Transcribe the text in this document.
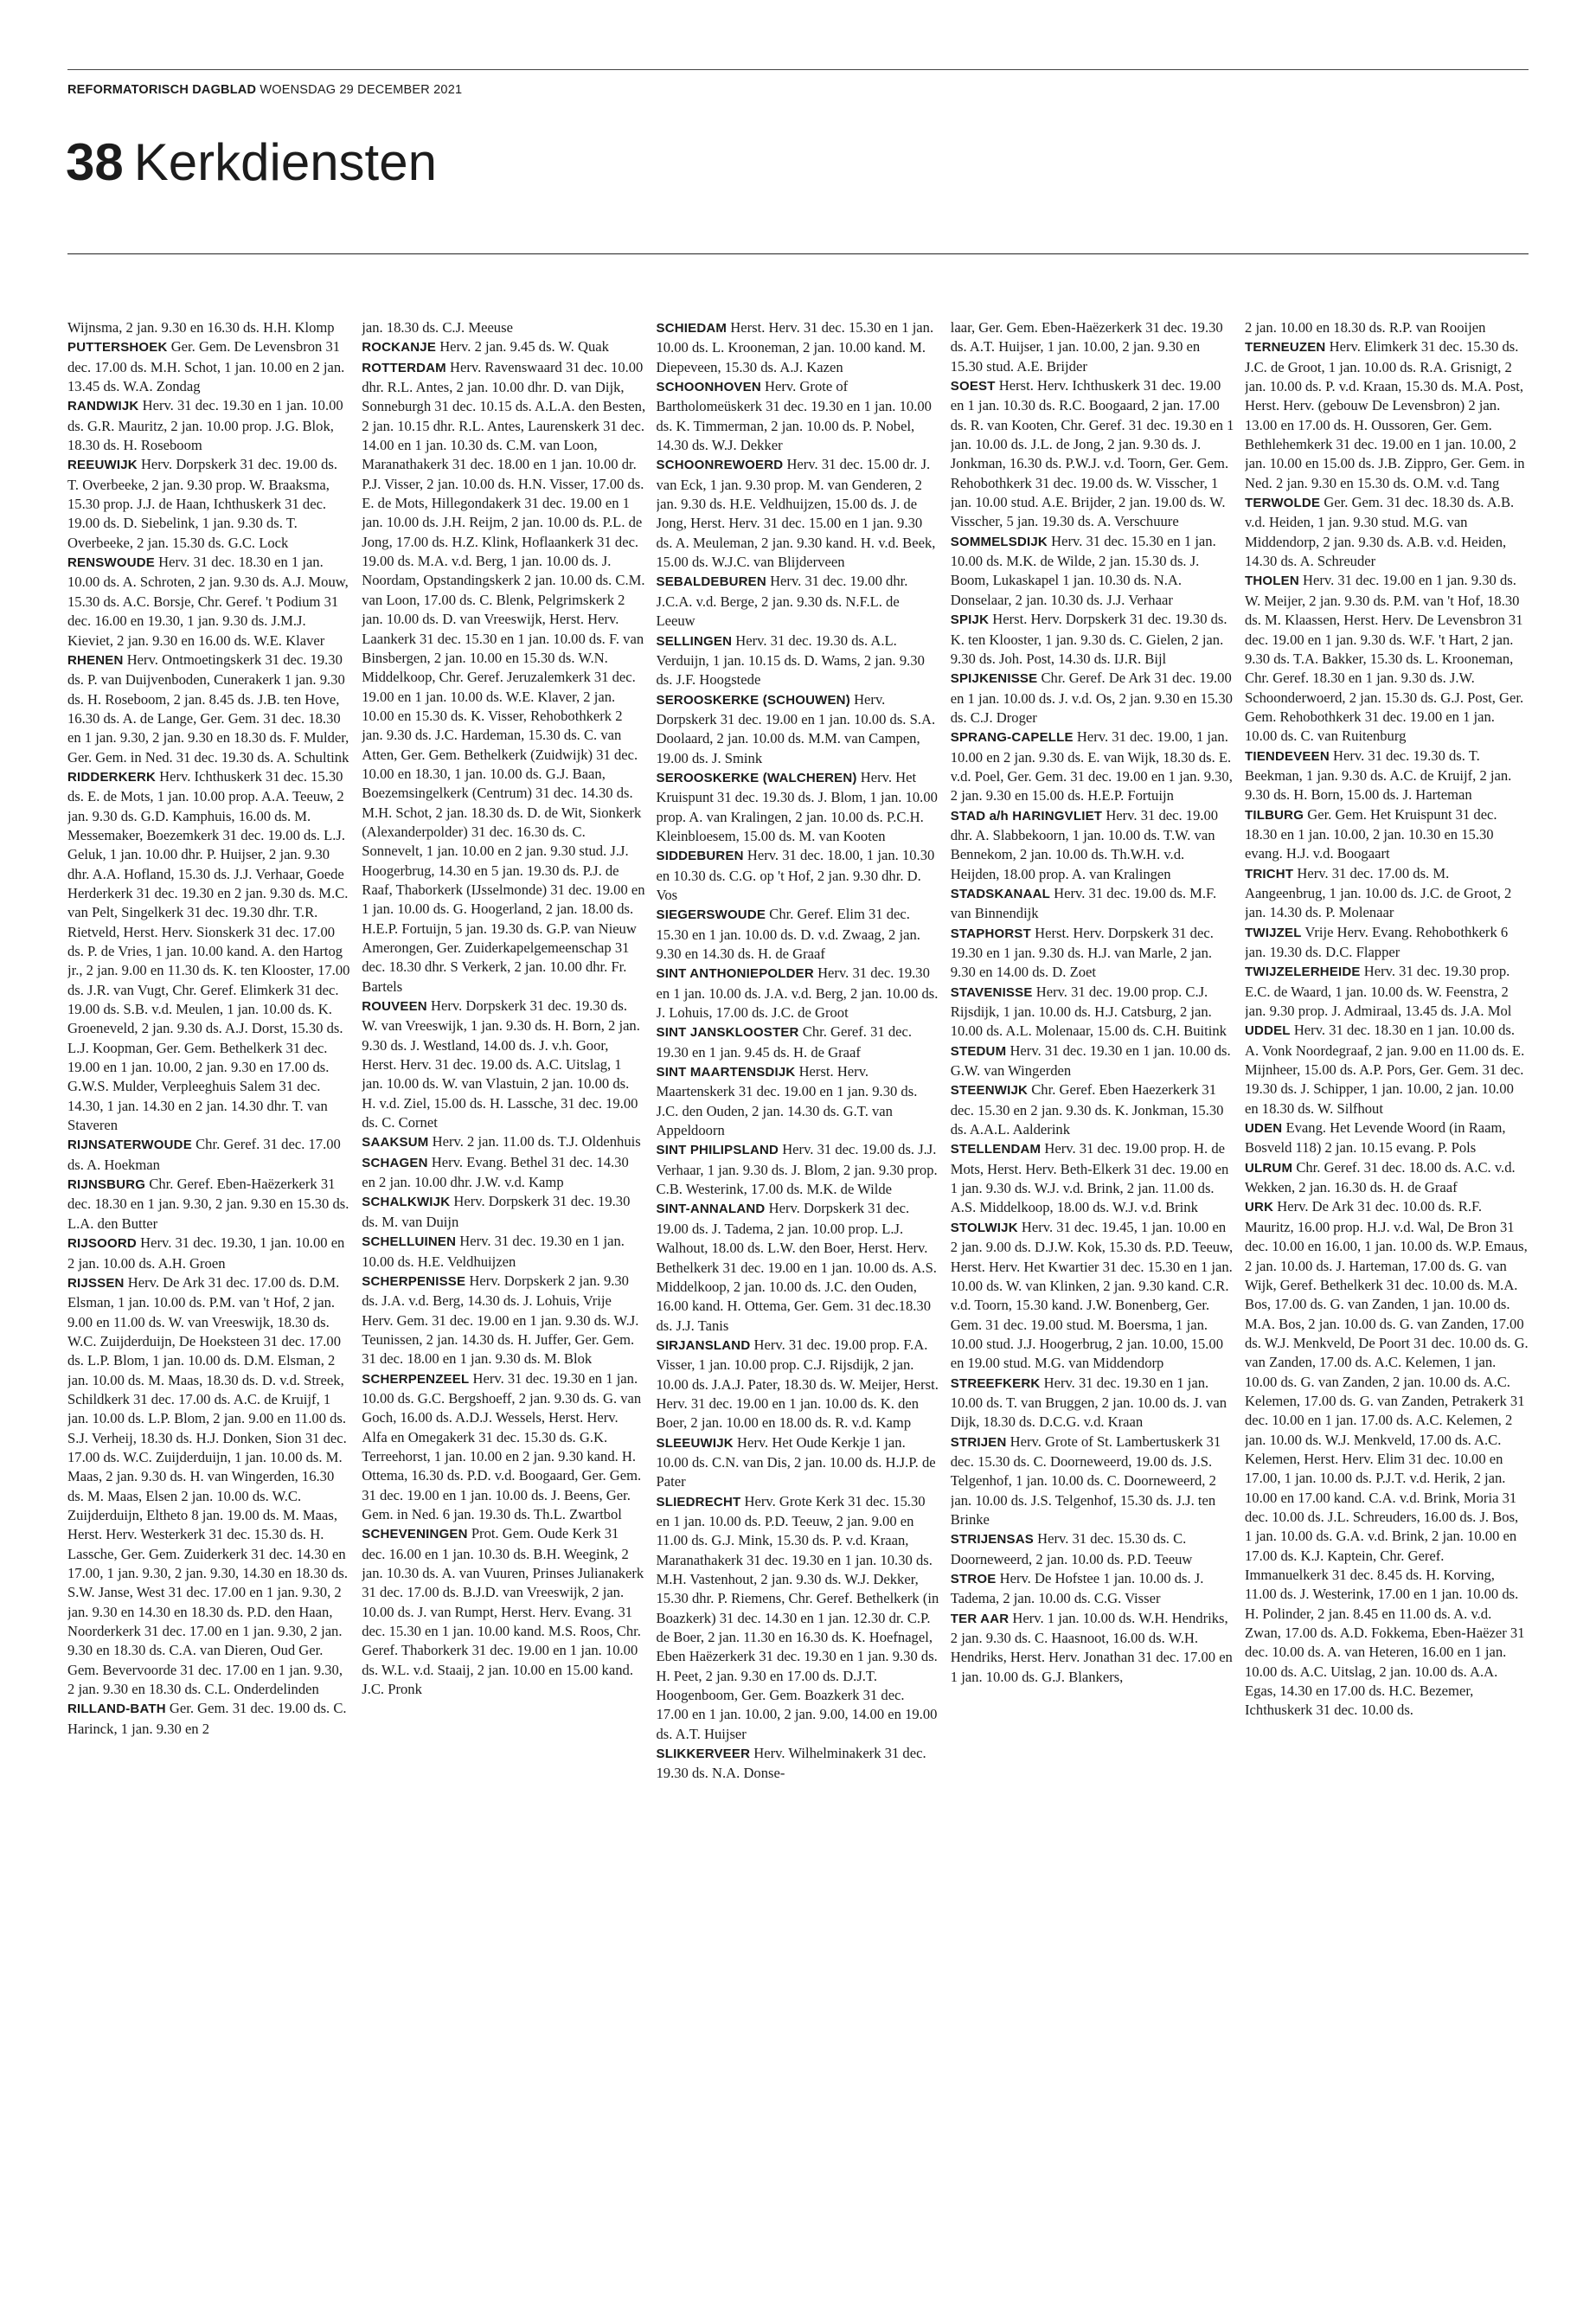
REFORMATORISCH DAGBLAD WOENSDAG 29 DECEMBER 2021
38 Kerkdiensten

Wijnsma, 2 jan. 9.30 en 16.30 ds. H.H. Klomp

PUTTERSHOEK Ger. Gem. De Levensbron 31 dec. 17.00 ds. M.H. Schot, 1 jan. 10.00 en 2 jan. 13.45 ds. W.A. Zondag

RANDWIJK Herv. 31 dec. 19.30 en 1 jan. 10.00 ds. G.R. Mauritz, 2 jan. 10.00 prop. J.G. Blok, 18.30 ds. H. Roseboom

REEUWIJK Herv. Dorpskerk 31 dec. 19.00 ds. T. Overbeeke, 2 jan. 9.30 prop. W. Braaksma, 15.30 prop. J.J. de Haan, Ichthuskerk 31 dec. 19.00 ds. D. Siebelink, 1 jan. 9.30 ds. T. Overbeeke, 2 jan. 15.30 ds. G.C. Lock

RENSWOUDE Herv. 31 dec. 18.30 en 1 jan. 10.00 ds. A. Schroten, 2 jan. 9.30 ds. A.J. Mouw, 15.30 ds. A.C. Borsje, Chr. Geref. 't Podium 31 dec. 16.00 en 19.30, 1 jan. 9.30 ds. J.M.J. Kieviet, 2 jan. 9.30 en 16.00 ds. W.E. Klaver

RHENEN Herv. Ontmoetingskerk 31 dec. 19.30 ds. P. van Duijvenboden, Cunerakerk 1 jan. 9.30 ds. H. Roseboom, 2 jan. 8.45 ds. J.B. ten Hove, 16.30 ds. A. de Lange, Ger. Gem. 31 dec. 18.30 en 1 jan. 9.30, 2 jan. 9.30 en 18.30 ds. F. Mulder, Ger. Gem. in Ned. 31 dec. 19.30 ds. A. Schultink

RIDDERKERK Herv. Ichthuskerk 31 dec. 15.30 ds. E. de Mots, 1 jan. 10.00 prop. A.A. Teeuw, 2 jan. 9.30 ds. G.D. Kamphuis, 16.00 ds. M. Messemaker, Boezemkerk 31 dec. 19.00 ds. L.J. Geluk, 1 jan. 10.00 dhr. P. Huijser, 2 jan. 9.30 dhr. A.A. Hofland, 15.30 ds. J.J. Verhaar, Goede Herderkerk 31 dec. 19.30 en 2 jan. 9.30 ds. M.C. van Pelt, Singelkerk 31 dec. 19.30 dhr. T.R. Rietveld, Herst. Herv. Sionskerk 31 dec. 17.00 ds. P. de Vries, 1 jan. 10.00 kand. A. den Hartog jr., 2 jan. 9.00 en 11.30 ds. K. ten Klooster, 17.00 ds. J.R. van Vugt, Chr. Geref. Elimkerk 31 dec. 19.00 ds. S.B. v.d. Meulen, 1 jan. 10.00 ds. K. Groeneveld, 2 jan. 9.30 ds. A.J. Dorst, 15.30 ds. L.J. Koopman, Ger. Gem. Bethelkerk 31 dec. 19.00 en 1 jan. 10.00, 2 jan. 9.30 en 17.00 ds. G.W.S. Mulder, Verpleeghuis Salem 31 dec. 14.30, 1 jan. 14.30 en 2 jan. 14.30 dhr. T. van Staveren

RIJNSATERWOUDE Chr. Geref. 31 dec. 17.00 ds. A. Hoekman

RIJNSBURG Chr. Geref. Eben-Haëzerkerk 31 dec. 18.30 en 1 jan. 9.30, 2 jan. 9.30 en 15.30 ds. L.A. den Butter

RIJSOORD Herv. 31 dec. 19.30, 1 jan. 10.00 en 2 jan. 10.00 ds. A.H. Groen

RIJSSEN Herv. De Ark 31 dec. 17.00 ds. D.M. Elsman, 1 jan. 10.00 ds. P.M. van 't Hof, 2 jan. 9.00 en 11.00 ds. W. van Vreeswijk, 18.30 ds. W.C. Zuijderduijn, De Hoeksteen 31 dec. 17.00 ds. L.P. Blom, 1 jan. 10.00 ds. D.M. Elsman, 2 jan. 10.00 ds. M. Maas, 18.30 ds. D. v.d. Streek, Schildkerk 31 dec. 17.00 ds. A.C. de Kruijf, 1 jan. 10.00 ds. L.P. Blom, 2 jan. 9.00 en 11.00 ds. S.J. Verheij, 18.30 ds. H.J. Donken, Sion 31 dec. 17.00 ds. W.C. Zuijderduijn, 1 jan. 10.00 ds. M. Maas, 2 jan. 9.30 ds. H. van Wingerden, 16.30 ds. M. Maas, Elsen 2 jan. 10.00 ds. W.C. Zuijderduijn, Eltheto 8 jan. 19.00 ds. M. Maas, Herst. Herv. Westerkerk 31 dec. 15.30 ds. H. Lassche, Ger. Gem. Zuiderkerk 31 dec. 14.30 en 17.00, 1 jan. 9.30, 2 jan. 9.30, 14.30 en 18.30 ds. S.W. Janse, West 31 dec. 17.00 en 1 jan. 9.30, 2 jan. 9.30 en 14.30 en 18.30 ds. P.D. den Haan, Noorderkerk 31 dec. 17.00 en 1 jan. 9.30, 2 jan. 9.30 en 18.30 ds. C.A. van Dieren, Oud Ger. Gem. Bevervoorde 31 dec. 17.00 en 1 jan. 9.30, 2 jan. 9.30 en 18.30 ds. C.L. Onderdelinden

RILLAND-BATH Ger. Gem. 31 dec. 19.00 ds. C. Harinck, 1 jan. 9.30 en 2

jan. 18.30 ds. C.J. Meeuse

ROCKANJE Herv. 2 jan. 9.45 ds. W. Quak

ROTTERDAM Herv. Ravenswaard 31 dec. 10.00 dhr. R.L. Antes, 2 jan. 10.00 dhr. D. van Dijk, Sonneburgh 31 dec. 10.15 ds. A.L.A. den Besten, 2 jan. 10.15 dhr. R.L. Antes, Laurenskerk 31 dec. 14.00 en 1 jan. 10.30 ds. C.M. van Loon, Maranathakerk 31 dec. 18.00 en 1 jan. 10.00 dr. P.J. Visser, 2 jan. 10.00 ds. H.N. Visser, 17.00 ds. E. de Mots, Hillegondakerk 31 dec. 19.00 en 1 jan. 10.00 ds. J.H. Reijm, 2 jan. 10.00 ds. P.L. de Jong, 17.00 ds. H.Z. Klink, Hoflaankerk 31 dec. 19.00 ds. M.A. v.d. Berg, 1 jan. 10.00 ds. J. Noordam, Opstandingskerk 2 jan. 10.00 ds. C.M. van Loon, 17.00 ds. C. Blenk, Pelgrimskerk 2 jan. 10.00 ds. D. van Vreeswijk, Herst. Herv. Laankerk 31 dec. 15.30 en 1 jan. 10.00 ds. F. van Binsbergen, 2 jan. 10.00 en 15.30 ds. W.N. Middelkoop, Chr. Geref. Jeruzalemkerk 31 dec. 19.00 en 1 jan. 10.00 ds. W.E. Klaver, 2 jan. 10.00 en 15.30 ds. K. Visser, Rehobothkerk 2 jan. 9.30 ds. J.C. Hardeman, 15.30 ds. C. van Atten, Ger. Gem. Bethelkerk (Zuidwijk) 31 dec. 10.00 en 18.30, 1 jan. 10.00 ds. G.J. Baan, Boezemsingelkerk (Centrum) 31 dec. 14.30 ds. M.H. Schot, 2 jan. 18.30 ds. D. de Wit, Sionkerk (Alexanderpolder) 31 dec. 16.30 ds. C. Sonnevelt, 1 jan. 10.00 en 2 jan. 9.30 stud. J.J. Hoogerbrug, 14.30 en 5 jan. 19.30 ds. P.J. de Raaf, Thaborkerk (IJsselmonde) 31 dec. 19.00 en 1 jan. 10.00 ds. G. Hoogerland, 2 jan. 18.00 ds. H.E.P. Fortuijn, 5 jan. 19.30 ds. G.P. van Nieuw Amerongen, Ger. Zuiderkapelgemeenschap 31 dec. 18.30 dhr. S Verkerk, 2 jan. 10.00 dhr. Fr. Bartels

ROUVEEN Herv. Dorpskerk 31 dec. 19.30 ds. W. van Vreeswijk, 1 jan. 9.30 ds. H. Born, 2 jan. 9.30 ds. J. Westland, 14.00 ds. J. v.h. Goor, Herst. Herv. 31 dec. 19.00 ds. A.C. Uitslag, 1 jan. 10.00 ds. W. van Vlastuin, 2 jan. 10.00 ds. H. v.d. Ziel, 15.00 ds. H. Lassche, 31 dec. 19.00 ds. C. Cornet

SAAKSUM Herv. 2 jan. 11.00 ds. T.J. Oldenhuis

SCHAGEN Herv. Evang. Bethel 31 dec. 14.30 en 2 jan. 10.00 dhr. J.W. v.d. Kamp

SCHALKWIJK Herv. Dorpskerk 31 dec. 19.30 ds. M. van Duijn

SCHELLUINEN Herv. 31 dec. 19.30 en 1 jan. 10.00 ds. H.E. Veldhuijzen

SCHERPENISSE Herv. Dorpskerk 2 jan. 9.30 ds. J.A. v.d. Berg, 14.30 ds. J. Lohuis, Vrije Herv. Gem. 31 dec. 19.00 en 1 jan. 9.30 ds. W.J. Teunissen, 2 jan. 14.30 ds. H. Juffer, Ger. Gem. 31 dec. 18.00 en 1 jan. 9.30 ds. M. Blok

SCHERPENZEEL Herv. 31 dec. 19.30 en 1 jan. 10.00 ds. G.C. Bergshoeff, 2 jan. 9.30 ds. G. van Goch, 16.00 ds. A.D.J. Wessels, Herst. Herv. Alfa en Omegakerk 31 dec. 15.30 ds. G.K. Terreehorst, 1 jan. 10.00 en 2 jan. 9.30 kand. H. Ottema, 16.30 ds. P.D. v.d. Boogaard, Ger. Gem. 31 dec. 19.00 en 1 jan. 10.00 ds. J. Beens, Ger. Gem. in Ned. 6 jan. 19.30 ds. Th.L. Zwartbol

SCHEVENINGEN Prot. Gem. Oude Kerk 31 dec. 16.00 en 1 jan. 10.30 ds. B.H. Weegink, 2 jan. 10.30 ds. A. van Vuuren, Prinses Julianakerk 31 dec. 17.00 ds. B.J.D. van Vreeswijk, 2 jan. 10.00 ds. J. van Rumpt, Herst. Herv. Evang. 31 dec. 15.30 en 1 jan. 10.00 kand. M.S. Roos, Chr. Geref. Thaborkerk 31 dec. 19.00 en 1 jan. 10.00 ds. W.L. v.d. Staaij, 2 jan. 10.00 en 15.00 kand. J.C. Pronk

SCHIEDAM Herst. Herv. 31 dec. 15.30 en 1 jan. 10.00 ds. L. Krooneman, 2 jan. 10.00 kand. M. Diepeveen, 15.30 ds. A.J. Kazen

SCHOONHOVEN Herv. Grote of Bartholomeüskerk 31 dec. 19.30 en 1 jan. 10.00 ds. K. Timmerman, 2 jan. 10.00 ds. P. Nobel, 14.30 ds. W.J. Dekker

SCHOONREWOERD Herv. 31 dec. 15.00 dr. J. van Eck, 1 jan. 9.30 prop. M. van Genderen, 2 jan. 9.30 ds. H.E. Veldhuijzen, 15.00 ds. J. de Jong, Herst. Herv. 31 dec. 15.00 en 1 jan. 9.30 ds. A. Meuleman, 2 jan. 9.30 kand. H. v.d. Beek, 15.00 ds. W.J.C. van Blijderveen

SEBALDEBUREN Herv. 31 dec. 19.00 dhr. J.C.A. v.d. Berge, 2 jan. 9.30 ds. N.F.L. de Leeuw

SELLINGEN Herv. 31 dec. 19.30 ds. A.L. Verduijn, 1 jan. 10.15 ds. D. Wams, 2 jan. 9.30 ds. J.F. Hoogstede

SEROOSKERKE (SCHOUWEN) Herv. Dorpskerk 31 dec. 19.00 en 1 jan. 10.00 ds. S.A. Doolaard, 2 jan. 10.00 ds. M.M. van Campen, 19.00 ds. J. Smink

SEROOSKERKE (WALCHEREN) Herv. Het Kruispunt 31 dec. 19.30 ds. J. Blom, 1 jan. 10.00 prop. A. van Kralingen, 2 jan. 10.00 ds. P.C.H. Kleinbloesem, 15.00 ds. M. van Kooten

SIDDEBUREN Herv. 31 dec. 18.00, 1 jan. 10.30 en 10.30 ds. C.G. op 't Hof, 2 jan. 9.30 dhr. D. Vos

SIEGERSWOUDE Chr. Geref. Elim 31 dec. 15.30 en 1 jan. 10.00 ds. D. v.d. Zwaag, 2 jan. 9.30 en 14.30 ds. H. de Graaf

SINT ANTHONIEPOLDER Herv. 31 dec. 19.30 en 1 jan. 10.00 ds. J.A. v.d. Berg, 2 jan. 10.00 ds. J. Lohuis, 17.00 ds. J.C. de Groot

SINT JANSKLOOSTER Chr. Geref. 31 dec. 19.30 en 1 jan. 9.45 ds. H. de Graaf

SINT MAARTENSDIJK Herst. Herv. Maartenskerk 31 dec. 19.00 en 1 jan. 9.30 ds. J.C. den Ouden, 2 jan. 14.30 ds. G.T. van Appeldoorn

SINT PHILIPSLAND Herv. 31 dec. 19.00 ds. J.J. Verhaar, 1 jan. 9.30 ds. J. Blom, 2 jan. 9.30 prop. C.B. Westerink, 17.00 ds. M.K. de Wilde

SINT-ANNALAND Herv. Dorpskerk 31 dec. 19.00 ds. J. Tadema, 2 jan. 10.00 prop. L.J. Walhout, 18.00 ds. L.W. den Boer, Herst. Herv. Bethelkerk 31 dec. 19.00 en 1 jan. 10.00 ds. A.S. Middelkoop, 2 jan. 10.00 ds. J.C. den Ouden, 16.00 kand. H. Ottema, Ger. Gem. 31 dec.18.30 ds. J.J. Tanis

SIRJANSLAND Herv. 31 dec. 19.00 prop. F.A. Visser, 1 jan. 10.00 prop. C.J. Rijsdijk, 2 jan. 10.00 ds. J.A.J. Pater, 18.30 ds. W. Meijer, Herst. Herv. 31 dec. 19.00 en 1 jan. 10.00 ds. K. den Boer, 2 jan. 10.00 en 18.00 ds. R. v.d. Kamp

SLEEUWIJK Herv. Het Oude Kerkje 1 jan. 10.00 ds. C.N. van Dis, 2 jan. 10.00 ds. H.J.P. de Pater

SLIEDRECHT Herv. Grote Kerk 31 dec. 15.30 en 1 jan. 10.00 ds. P.D. Teeuw, 2 jan. 9.00 en 11.00 ds. G.J. Mink, 15.30 ds. P. v.d. Kraan, Maranathakerk 31 dec. 19.30 en 1 jan. 10.30 ds. M.H. Vastenhout, 2 jan. 9.30 ds. W.J. Dekker, 15.30 dhr. P. Riemens, Chr. Geref. Bethelkerk (in Boazkerk) 31 dec. 14.30 en 1 jan. 12.30 dr. C.P. de Boer, 2 jan. 11.30 en 16.30 ds. K. Hoefnagel, Eben Haëzerkerk 31 dec. 19.30 en 1 jan. 9.30 ds. H. Peet, 2 jan. 9.30 en 17.00 ds. D.J.T. Hoogenboom, Ger. Gem. Boazkerk 31 dec. 17.00 en 1 jan. 10.00, 2 jan. 9.00, 14.00 en 19.00 ds. A.T. Huijser

SLIKKERVEER Herv. Wilhelminakerk 31 dec. 19.30 ds. N.A. Donse-

laar, Ger. Gem. Eben-Haëzerkerk 31 dec. 19.30 ds. A.T. Huijser, 1 jan. 10.00, 2 jan. 9.30 en 15.30 stud. A.E. Brijder

SOEST Herst. Herv. Ichthuskerk 31 dec. 19.00 en 1 jan. 10.30 ds. R.C. Boogaard, 2 jan. 17.00 ds. R. van Kooten, Chr. Geref. 31 dec. 19.30 en 1 jan. 10.00 ds. J.L. de Jong, 2 jan. 9.30 ds. J. Jonkman, 16.30 ds. P.W.J. v.d. Toorn, Ger. Gem. Rehobothkerk 31 dec. 19.00 ds. W. Visscher, 1 jan. 10.00 stud. A.E. Brijder, 2 jan. 19.00 ds. W. Visscher, 5 jan. 19.30 ds. A. Verschuure

SOMMELSDIJK Herv. 31 dec. 15.30 en 1 jan. 10.00 ds. M.K. de Wilde, 2 jan. 15.30 ds. J. Boom, Lukaskapel 1 jan. 10.30 ds. N.A. Donselaar, 2 jan. 10.30 ds. J.J. Verhaar

SPIJK Herst. Herv. Dorpskerk 31 dec. 19.30 ds. K. ten Klooster, 1 jan. 9.30 ds. C. Gielen, 2 jan. 9.30 ds. Joh. Post, 14.30 ds. IJ.R. Bijl

SPIJKENISSE Chr. Geref. De Ark 31 dec. 19.00 en 1 jan. 10.00 ds. J. v.d. Os, 2 jan. 9.30 en 15.30 ds. C.J. Droger

SPRANG-CAPELLE Herv. 31 dec. 19.00, 1 jan. 10.00 en 2 jan. 9.30 ds. E. van Wijk, 18.30 ds. E. v.d. Poel, Ger. Gem. 31 dec. 19.00 en 1 jan. 9.30, 2 jan. 9.30 en 15.00 ds. H.E.P. Fortuijn

STAD a/h HARINGVLIET Herv. 31 dec. 19.00 dhr. A. Slabbekoorn, 1 jan. 10.00 ds. T.W. van Bennekom, 2 jan. 10.00 ds. Th.W.H. v.d. Heijden, 18.00 prop. A. van Kralingen

STADSKANAAL Herv. 31 dec. 19.00 ds. M.F. van Binnendijk

STAPHORST Herst. Herv. Dorpskerk 31 dec. 19.30 en 1 jan. 9.30 ds. H.J. van Marle, 2 jan. 9.30 en 14.00 ds. D. Zoet

STAVENISSE Herv. 31 dec. 19.00 prop. C.J. Rijsdijk, 1 jan. 10.00 ds. H.J. Catsburg, 2 jan. 10.00 ds. A.L. Molenaar, 15.00 ds. C.H. Buitink

STEDUM Herv. 31 dec. 19.30 en 1 jan. 10.00 ds. G.W. van Wingerden

STEENWIJK Chr. Geref. Eben Haezerkerk 31 dec. 15.30 en 2 jan. 9.30 ds. K. Jonkman, 15.30 ds. A.A.L. Aalderink

STELLENDAM Herv. 31 dec. 19.00 prop. H. de Mots, Herst. Herv. Beth-Elkerk 31 dec. 19.00 en 1 jan. 9.30 ds. W.J. v.d. Brink, 2 jan. 11.00 ds. A.S. Middelkoop, 18.00 ds. W.J. v.d. Brink

STOLWIJK Herv. 31 dec. 19.45, 1 jan. 10.00 en 2 jan. 9.00 ds. D.J.W. Kok, 15.30 ds. P.D. Teeuw, Herst. Herv. Het Kwartier 31 dec. 15.30 en 1 jan. 10.00 ds. W. van Klinken, 2 jan. 9.30 kand. C.R. v.d. Toorn, 15.30 kand. J.W. Bonenberg, Ger. Gem. 31 dec. 19.00 stud. M. Boersma, 1 jan. 10.00 stud. J.J. Hoogerbrug, 2 jan. 10.00, 15.00 en 19.00 stud. M.G. van Middendorp

STREEFKERK Herv. 31 dec. 19.30 en 1 jan. 10.00 ds. T. van Bruggen, 2 jan. 10.00 ds. J. van Dijk, 18.30 ds. D.C.G. v.d. Kraan

STRIJEN Herv. Grote of St. Lambertuskerk 31 dec. 15.30 ds. C. Doorneweerd, 19.00 ds. J.S. Telgenhof, 1 jan. 10.00 ds. C. Doorneweerd, 2 jan. 10.00 ds. J.S. Telgenhof, 15.30 ds. J.J. ten Brinke

STRIJENSAS Herv. 31 dec. 15.30 ds. C. Doorneweerd, 2 jan. 10.00 ds. P.D. Teeuw

STROE Herv. De Hofstee 1 jan. 10.00 ds. J. Tadema, 2 jan. 10.00 ds. C.G. Visser

TER AAR Herv. 1 jan. 10.00 ds. W.H. Hendriks, 2 jan. 9.30 ds. C. Haasnoot, 16.00 ds. W.H. Hendriks, Herst. Herv. Jonathan 31 dec. 17.00 en 1 jan. 10.00 ds. G.J. Blankers,

2 jan. 10.00 en 18.30 ds. R.P. van Rooijen

TERNEUZEN Herv. Elimkerk 31 dec. 15.30 ds. J.C. de Groot, 1 jan. 10.00 ds. R.A. Grisnigt, 2 jan. 10.00 ds. P. v.d. Kraan, 15.30 ds. M.A. Post, Herst. Herv. (gebouw De Levensbron) 2 jan. 13.00 en 17.00 ds. H. Oussoren, Ger. Gem. Bethlehemkerk 31 dec. 19.00 en 1 jan. 10.00, 2 jan. 10.00 en 15.00 ds. J.B. Zippro, Ger. Gem. in Ned. 2 jan. 9.30 en 15.30 ds. O.M. v.d. Tang

TERWOLDE Ger. Gem. 31 dec. 18.30 ds. A.B. v.d. Heiden, 1 jan. 9.30 stud. M.G. van Middendorp, 2 jan. 9.30 ds. A.B. v.d. Heiden, 14.30 ds. A. Schreuder

THOLEN Herv. 31 dec. 19.00 en 1 jan. 9.30 ds. W. Meijer, 2 jan. 9.30 ds. P.M. van 't Hof, 18.30 ds. M. Klaassen, Herst. Herv. De Levensbron 31 dec. 19.00 en 1 jan. 9.30 ds. W.F. 't Hart, 2 jan. 9.30 ds. T.A. Bakker, 15.30 ds. L. Krooneman, Chr. Geref. 18.30 en 1 jan. 9.30 ds. J.W. Schoonderwoerd, 2 jan. 15.30 ds. G.J. Post, Ger. Gem. Rehobothkerk 31 dec. 19.00 en 1 jan. 10.00 ds. C. van Ruitenburg

TIENDEVEEN Herv. 31 dec. 19.30 ds. T. Beekman, 1 jan. 9.30 ds. A.C. de Kruijf, 2 jan. 9.30 ds. H. Born, 15.00 ds. J. Harteman

TILBURG Ger. Gem. Het Kruispunt 31 dec. 18.30 en 1 jan. 10.00, 2 jan. 10.30 en 15.30 evang. H.J. v.d. Boogaart

TRICHT Herv. 31 dec. 17.00 ds. M. Aangeenbrug, 1 jan. 10.00 ds. J.C. de Groot, 2 jan. 14.30 ds. P. Molenaar

TWIJZEL Vrije Herv. Evang. Rehobothkerk 6 jan. 19.30 ds. D.C. Flapper

TWIJZELERHEIDE Herv. 31 dec. 19.30 prop. E.C. de Waard, 1 jan. 10.00 ds. W. Feenstra, 2 jan. 9.30 prop. J. Admiraal, 13.45 ds. J.A. Mol

UDDEL Herv. 31 dec. 18.30 en 1 jan. 10.00 ds. A. Vonk Noordegraaf, 2 jan. 9.00 en 11.00 ds. E. Mijnheer, 15.00 ds. A.P. Pors, Ger. Gem. 31 dec. 19.30 ds. J. Schipper, 1 jan. 10.00, 2 jan. 10.00 en 18.30 ds. W. Silfhout

UDEN Evang. Het Levende Woord (in Raam, Bosveld 118) 2 jan. 10.15 evang. P. Pols

ULRUM Chr. Geref. 31 dec. 18.00 ds. A.C. v.d. Wekken, 2 jan. 16.30 ds. H. de Graaf

URK Herv. De Ark 31 dec. 10.00 ds. R.F. Mauritz, 16.00 prop. H.J. v.d. Wal, De Bron 31 dec. 10.00 en 16.00, 1 jan. 10.00 ds. W.P. Emaus, 2 jan. 10.00 ds. J. Harteman, 17.00 ds. G. van Wijk, Geref. Bethelkerk 31 dec. 10.00 ds. M.A. Bos, 17.00 ds. G. van Zanden, 1 jan. 10.00 ds. M.A. Bos, 2 jan. 10.00 ds. G. van Zanden, 17.00 ds. W.J. Menkveld, De Poort 31 dec. 10.00 ds. G. van Zanden, 17.00 ds. A.C. Kelemen, 1 jan. 10.00 ds. G. van Zanden, 2 jan. 10.00 ds. A.C. Kelemen, 17.00 ds. G. van Zanden, Petrakerk 31 dec. 10.00 en 1 jan. 17.00 ds. A.C. Kelemen, 2 jan. 10.00 ds. W.J. Menkveld, 17.00 ds. A.C. Kelemen, Herst. Herv. Elim 31 dec. 10.00 en 17.00, 1 jan. 10.00 ds. P.J.T. v.d. Herik, 2 jan. 10.00 en 17.00 kand. C.A. v.d. Brink, Moria 31 dec. 10.00 ds. J.L. Schreuders, 16.00 ds. J. Bos, 1 jan. 10.00 ds. G.A. v.d. Brink, 2 jan. 10.00 en 17.00 ds. K.J. Kaptein, Chr. Geref. Immanuelkerk 31 dec. 8.45 ds. H. Korving, 11.00 ds. J. Westerink, 17.00 en 1 jan. 10.00 ds. H. Polinder, 2 jan. 8.45 en 11.00 ds. A. v.d. Zwan, 17.00 ds. A.D. Fokkema, Eben-Haëzer 31 dec. 10.00 ds. A. van Heteren, 16.00 en 1 jan. 10.00 ds. A.C. Uitslag, 2 jan. 10.00 ds. A.A. Egas, 14.30 en 17.00 ds. H.C. Bezemer, Ichthuskerk 31 dec. 10.00 ds.
